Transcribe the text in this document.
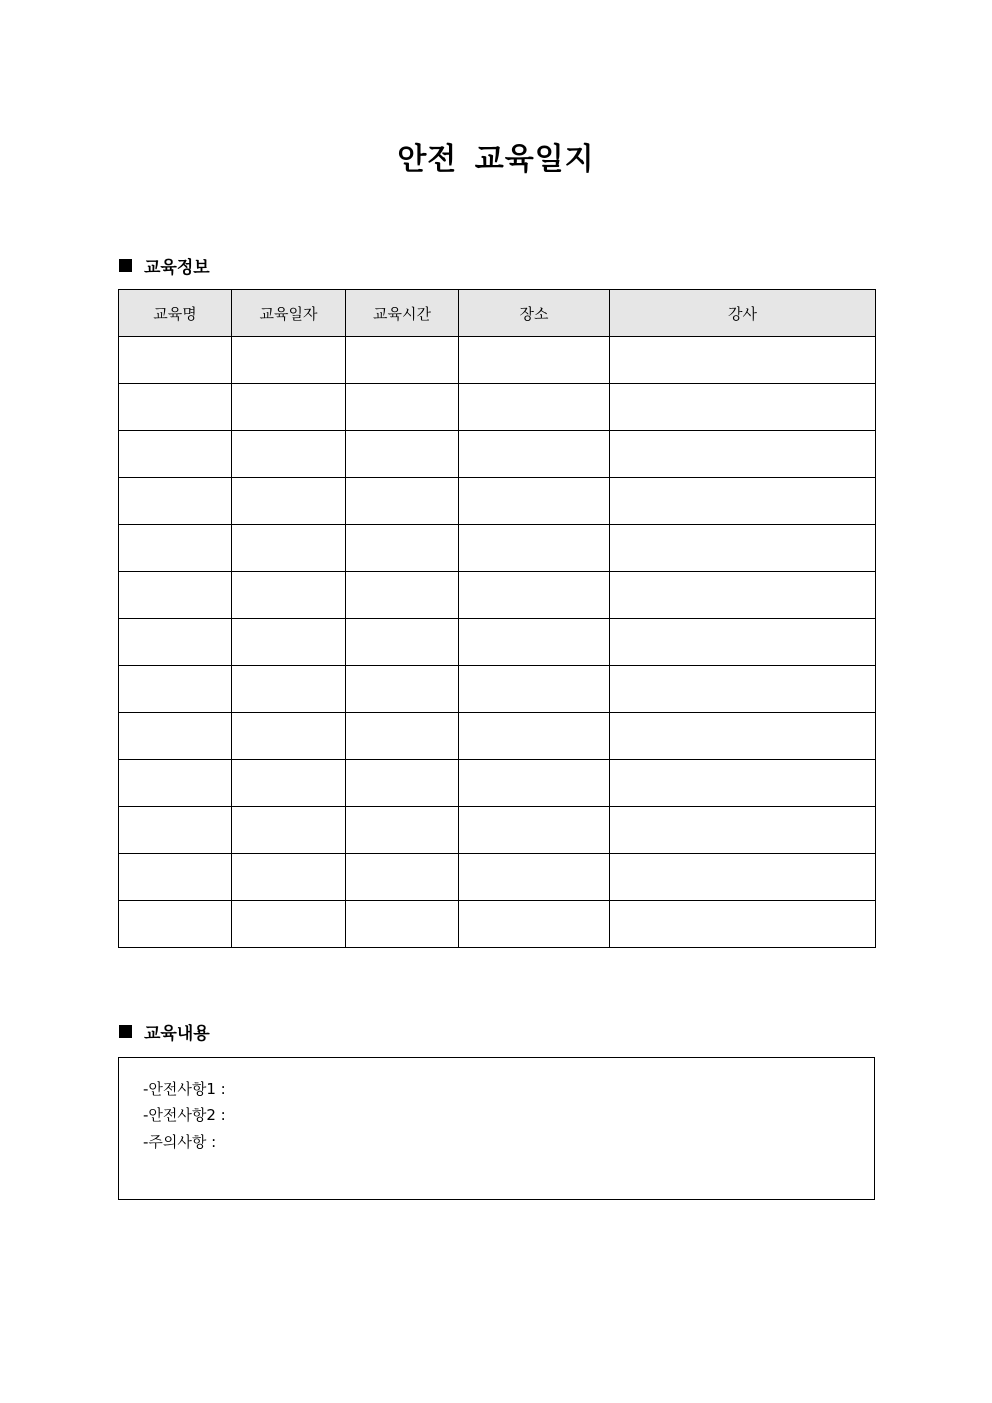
안전 교육일지
교육정보
교육명	교육일자	교육시간	장소	강사

교육내용
-안전사항1 :
-안전사항2 :
-주의사항 :
